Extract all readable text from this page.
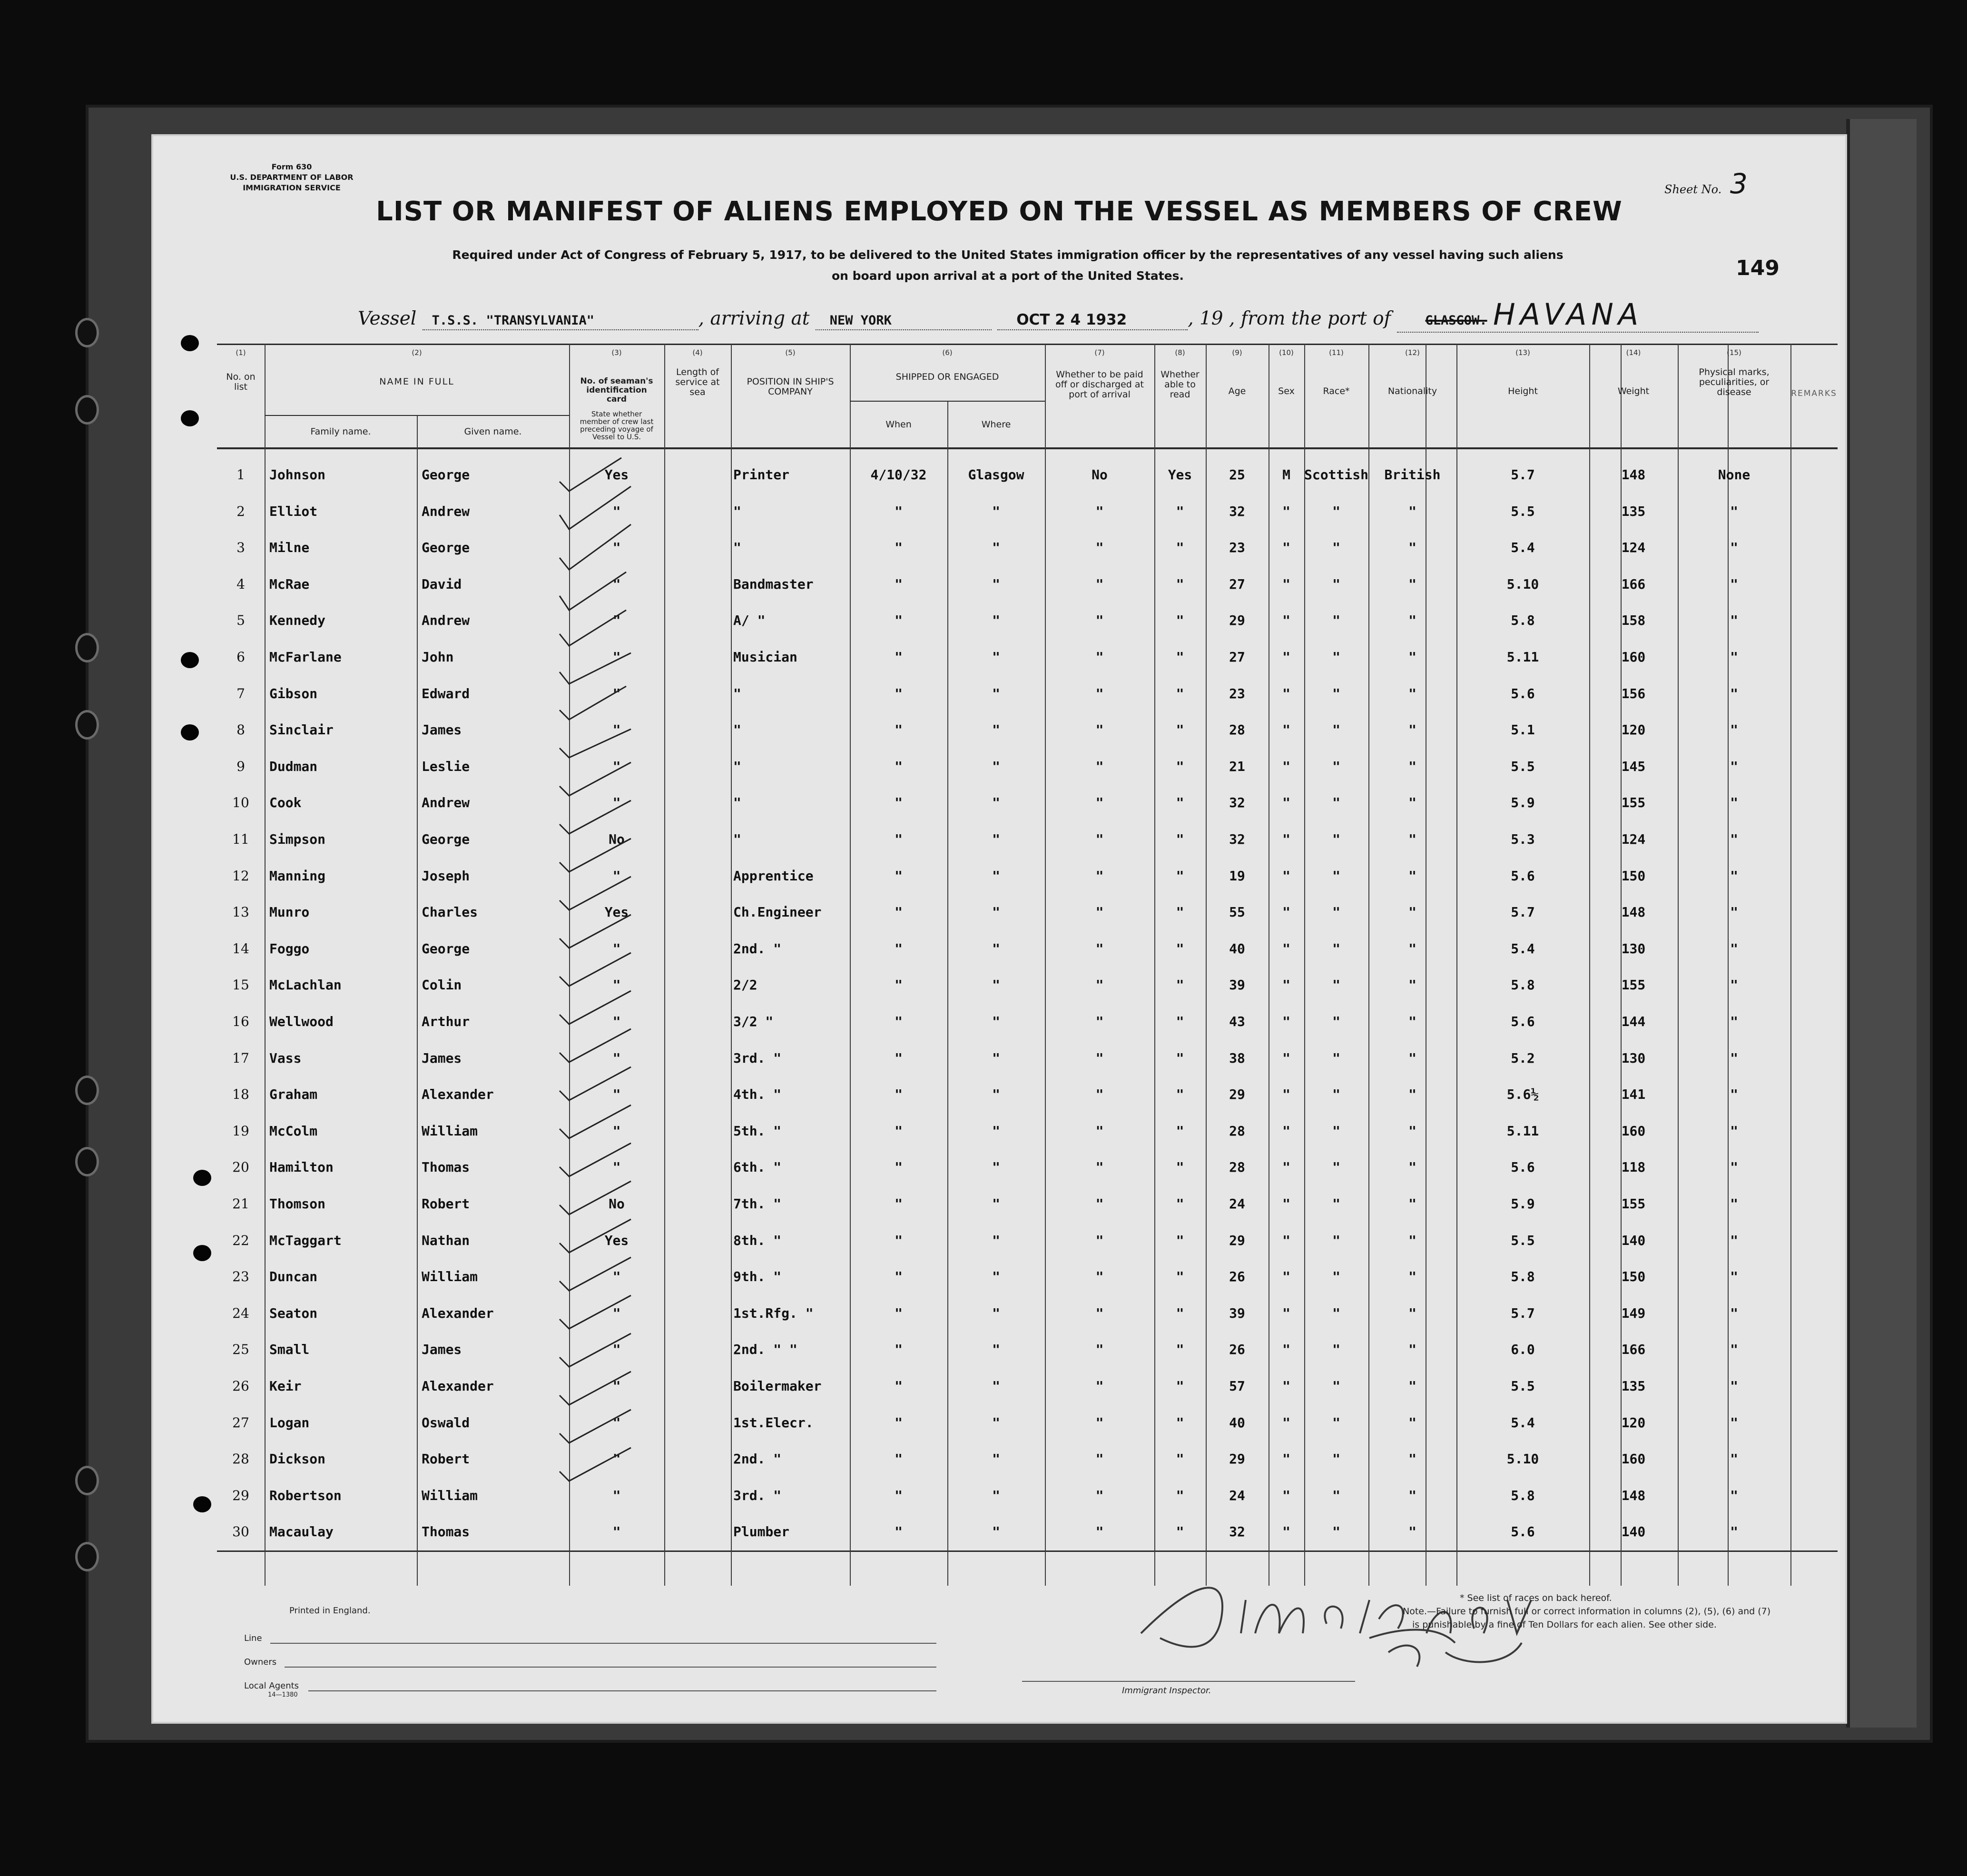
Form 630
U.S. DEPARTMENT OF LABOR
IMMIGRATION SERVICE	Sheet No. 3
LIST OR MANIFEST OF ALIENS EMPLOYED ON THE VESSEL AS MEMBERS OF CREW
Required under Act of Congress of February 5, 1917, to be delivered to the United States immigration officer by the representatives of any vessel having such aliens
on board upon arrival at a port of the United States.	149
Vessel T.S.S. "TRANSYLVANIA"	, arriving at NEW YORK	OCT 2 4 1932	, 19 , from the port of	GLASGOW. HAVANA
(1)	(2)	(3)	(4)	(5)	(6)	(7)	(8)	(9)	(10)	(11)	(12)	(13)	(14)	(15)
No. on list	NAME IN FULL
Family name.	Given name.
No. of seaman's identification card
State whether member of crew last preceding voyage of Vessel to U.S.
Length of service at sea
POSITION IN SHIP'S COMPANY
SHIPPED OR ENGAGED
When	Where
Whether to be paid off or discharged at port of arrival
Whether able to read	Age	Sex	Race*	Nationality	Height	Weight
Physical marks, peculiarities, or disease	REMARKS
1	Johnson	George	Yes	Printer	4/10/32	Glasgow	No	Yes	25	M	Scottish	British	5.7	148	None
2	Elliot	Andrew	"	"	"	"	"	"	32	"	"	"	5.5	135	"
3	Milne	George	"	"	"	"	"	"	23	"	"	"	5.4	124	"
4	McRae	David	"	Bandmaster	"	"	"	"	27	"	"	"	5.10	166	"
5	Kennedy	Andrew	"	A/ "	"	"	"	"	29	"	"	"	5.8	158	"
6	McFarlane	John	"	Musician	"	"	"	"	27	"	"	"	5.11	160	"
7	Gibson	Edward	"	"	"	"	"	"	23	"	"	"	5.6	156	"
8	Sinclair	James	"	"	"	"	"	"	28	"	"	"	5.1	120	"
9	Dudman	Leslie	"	"	"	"	"	"	21	"	"	"	5.5	145	"
10	Cook	Andrew	"	"	"	"	"	"	32	"	"	"	5.9	155	"
11	Simpson	George	No	"	"	"	"	"	32	"	"	"	5.3	124	"
12	Manning	Joseph	"	Apprentice	"	"	"	"	19	"	"	"	5.6	150	"
13	Munro	Charles	Yes	Ch.Engineer	"	"	"	"	55	"	"	"	5.7	148	"
14	Foggo	George	"	2nd. "	"	"	"	"	40	"	"	"	5.4	130	"
15	McLachlan	Colin	"	2/2	"	"	"	"	39	"	"	"	5.8	155	"
16	Wellwood	Arthur	"	3/2 "	"	"	"	"	43	"	"	"	5.6	144	"
17	Vass	James	"	3rd. "	"	"	"	"	38	"	"	"	5.2	130	"
18	Graham	Alexander	"	4th. "	"	"	"	"	29	"	"	"	5.6½	141	"
19	McColm	William	"	5th. "	"	"	"	"	28	"	"	"	5.11	160	"
20	Hamilton	Thomas	"	6th. "	"	"	"	"	28	"	"	"	5.6	118	"
21	Thomson	Robert	No	7th. "	"	"	"	"	24	"	"	"	5.9	155	"
22	McTaggart	Nathan	Yes	8th. "	"	"	"	"	29	"	"	"	5.5	140	"
23	Duncan	William	"	9th. "	"	"	"	"	26	"	"	"	5.8	150	"
24	Seaton	Alexander	"	1st.Rfg. "	"	"	"	"	39	"	"	"	5.7	149	"
25	Small	James	"	2nd. " "	"	"	"	"	26	"	"	"	6.0	166	"
26	Keir	Alexander	"	Boilermaker	"	"	"	"	57	"	"	"	5.5	135	"
27	Logan	Oswald	"	1st.Elecr.	"	"	"	"	40	"	"	"	5.4	120	"
28	Dickson	Robert	"	2nd. "	"	"	"	"	29	"	"	"	5.10	160	"
29	Robertson	William	"	3rd. "	"	"	"	"	24	"	"	"	5.8	148	"
30	Macaulay	Thomas	"	Plumber	"	"	"	"	32	"	"	"	5.6	140	"
Printed in England.
Line
Owners
Local Agents
14—1380	Immigrant Inspector.
* See list of races on back hereof.
Note.—Failure to furnish full or correct information in columns (2), (5), (6) and (7)
is punishable by a fine of Ten Dollars for each alien. See other side.
